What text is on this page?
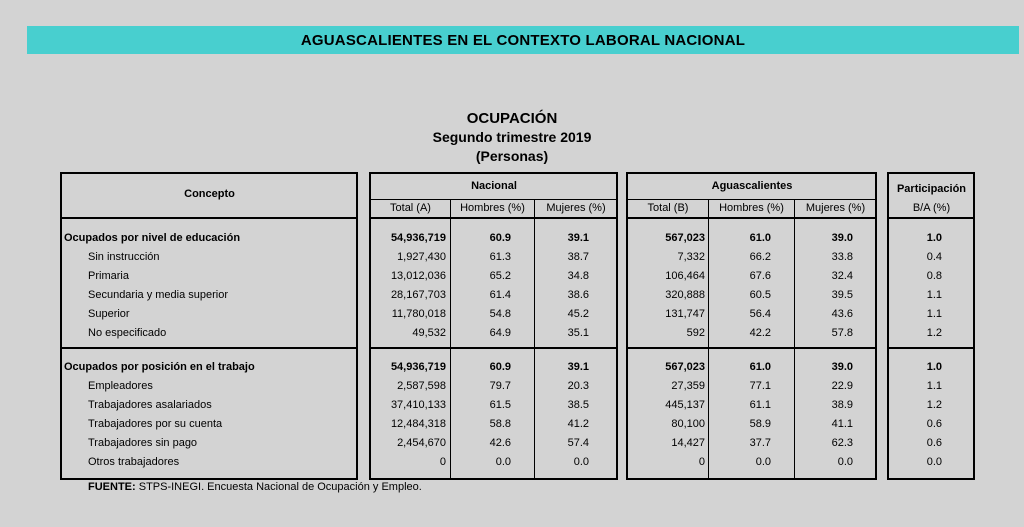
AGUASCALIENTES EN EL CONTEXTO LABORAL NACIONAL
OCUPACIÓN
Segundo trimestre 2019
(Personas)
Concepto
Nacional	Aguascalientes	Participación
B/A (%)
Total (A)	Hombres (%)	Mujeres (%)	Total (B)	Hombres (%)	Mujeres (%)
Ocupados por nivel de educación	54,936,719	60.9	39.1	567,023	61.0	39.0	1.0
Sin instrucción	1,927,430	61.3	38.7	7,332	66.2	33.8	0.4
Primaria	13,012,036	65.2	34.8	106,464	67.6	32.4	0.8
Secundaria y media superior	28,167,703	61.4	38.6	320,888	60.5	39.5	1.1
Superior	11,780,018	54.8	45.2	131,747	56.4	43.6	1.1
No especificado	49,532	64.9	35.1	592	42.2	57.8	1.2
Ocupados por posición en el trabajo	54,936,719	60.9	39.1	567,023	61.0	39.0	1.0
Empleadores	2,587,598	79.7	20.3	27,359	77.1	22.9	1.1
Trabajadores asalariados	37,410,133	61.5	38.5	445,137	61.1	38.9	1.2
Trabajadores por su cuenta	12,484,318	58.8	41.2	80,100	58.9	41.1	0.6
Trabajadores sin pago	2,454,670	42.6	57.4	14,427	37.7	62.3	0.6
Otros trabajadores	0	0.0	0.0	0	0.0	0.0	0.0
FUENTE: STPS-INEGI. Encuesta Nacional de Ocupación y Empleo.
